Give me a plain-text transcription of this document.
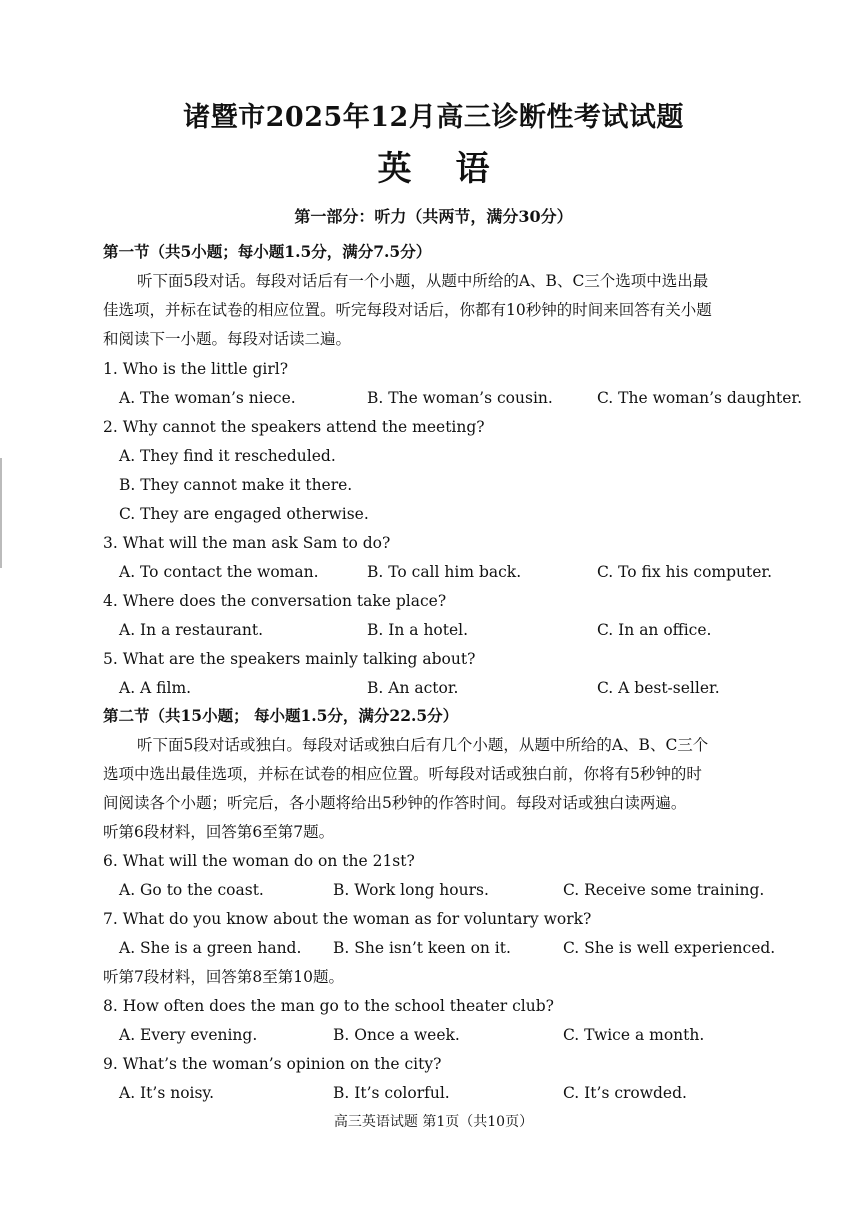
诸暨市2025年12月高三诊断性考试试题
英语
第一部分：听力（共两节，满分30分）
第一节（共5小题；每小题1.5分，满分7.5分）
听下面5段对话。每段对话后有一个小题，从题中所给的A、B、C三个选项中选出最
佳选项，并标在试卷的相应位置。听完每段对话后，你都有10秒钟的时间来回答有关小题
和阅读下一小题。每段对话读二遍。
1. Who is the little girl?
A. The woman’s niece.	B. The woman’s cousin.	C. The woman’s daughter.
2. Why cannot the speakers attend the meeting?
A. They find it rescheduled.
B. They cannot make it there.
C. They are engaged otherwise.
3. What will the man ask Sam to do?
A. To contact the woman.	B. To call him back.	C. To fix his computer.
4. Where does the conversation take place?
A. In a restaurant.	B. In a hotel.	C. In an office.
5. What are the speakers mainly talking about?
A. A film.	B. An actor.	C. A best-seller.
第二节（共15小题； 每小题1.5分，满分22.5分）
听下面5段对话或独白。每段对话或独白后有几个小题，从题中所给的A、B、C三个
选项中选出最佳选项，并标在试卷的相应位置。听每段对话或独白前，你将有5秒钟的时
间阅读各个小题；听完后，各小题将给出5秒钟的作答时间。每段对话或独白读两遍。
听第6段材料，回答第6至第7题。
6. What will the woman do on the 21st?
A. Go to the coast.	B. Work long hours.	C. Receive some training.
7. What do you know about the woman as for voluntary work?
A. She is a green hand. B. She isn’t keen on it.	C. She is well experienced.
听第7段材料，回答第8至第10题。
8. How often does the man go to the school theater club?
A. Every evening.	B. Once a week.	C. Twice a month.
9. What’s the woman’s opinion on the city?
A. It’s noisy.	B. It’s colorful.	C. It’s crowded.
高三英语试题 第1页（共10页）
